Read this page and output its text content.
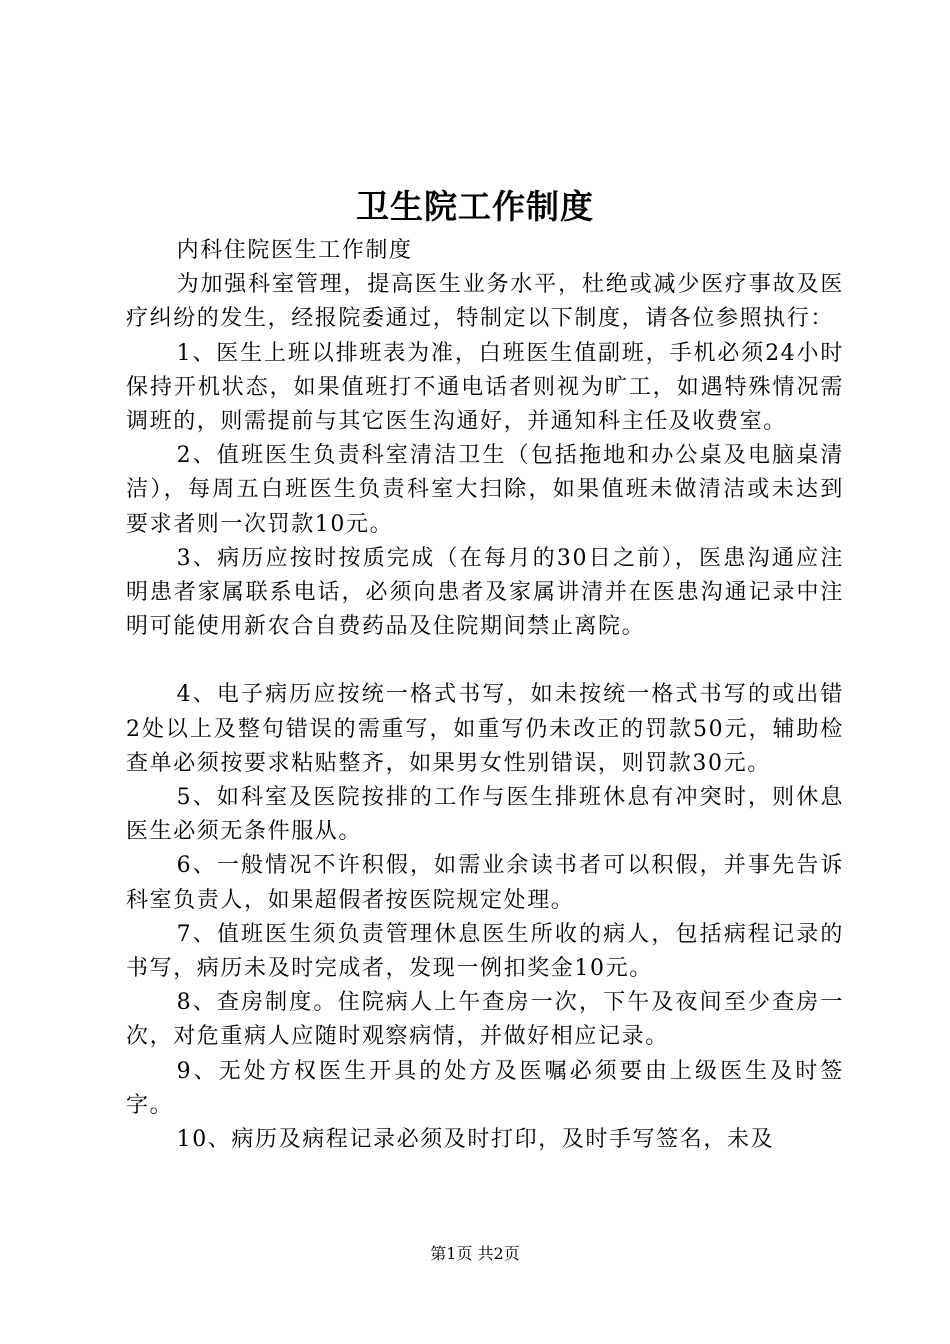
卫生院工作制度

内科住院医生工作制度

为加强科室管理，提高医生业务水平，杜绝或减少医疗事故及医疗纠纷的发生，经报院委通过，特制定以下制度，请各位参照执行：

1、医生上班以排班表为准，白班医生值副班，手机必须24小时保持开机状态，如果值班打不通电话者则视为旷工，如遇特殊情况需调班的，则需提前与其它医生沟通好，并通知科主任及收费室。

2、值班医生负责科室清洁卫生（包括拖地和办公桌及电脑桌清洁），每周五白班医生负责科室大扫除，如果值班未做清洁或未达到要求者则一次罚款10元。

3、病历应按时按质完成（在每月的30日之前），医患沟通应注明患者家属联系电话，必须向患者及家属讲清并在医患沟通记录中注明可能使用新农合自费药品及住院期间禁止离院。

4、电子病历应按统一格式书写，如未按统一格式书写的或出错2处以上及整句错误的需重写，如重写仍未改正的罚款50元，辅助检查单必须按要求粘贴整齐，如果男女性别错误，则罚款30元。

5、如科室及医院按排的工作与医生排班休息有冲突时，则休息医生必须无条件服从。

6、一般情况不许积假，如需业余读书者可以积假，并事先告诉科室负责人，如果超假者按医院规定处理。

7、值班医生须负责管理休息医生所收的病人，包括病程记录的书写，病历未及时完成者，发现一例扣奖金10元。

8、查房制度。住院病人上午查房一次，下午及夜间至少查房一次，对危重病人应随时观察病情，并做好相应记录。

9、无处方权医生开具的处方及医嘱必须要由上级医生及时签字。

10、病历及病程记录必须及时打印，及时手写签名，未及

第1页 共2页
